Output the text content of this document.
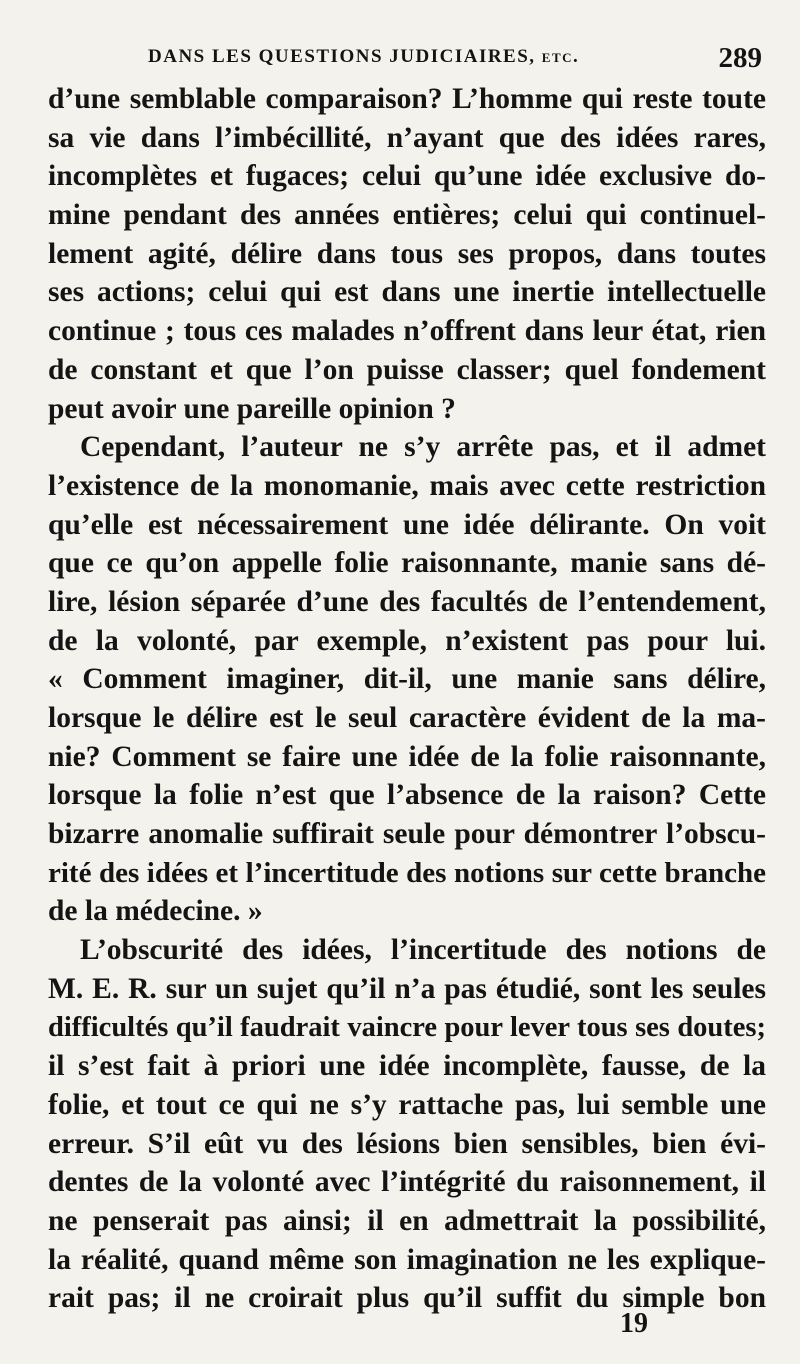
DANS LES QUESTIONS JUDICIAIRES, etc.	289
d’une semblable comparaison? L’homme qui reste toute
sa vie dans l’imbécillité, n’ayant que des idées rares,
incomplètes et fugaces; celui qu’une idée exclusive do-
mine pendant des années entières; celui qui continuel-
lement agité, délire dans tous ses propos, dans toutes
ses actions; celui qui est dans une inertie intellectuelle
continue ; tous ces malades n’offrent dans leur état, rien
de constant et que l’on puisse classer; quel fondement
peut avoir une pareille opinion ?
Cependant, l’auteur ne s’y arrête pas, et il admet
l’existence de la monomanie, mais avec cette restriction
qu’elle est nécessairement une idée délirante. On voit
que ce qu’on appelle folie raisonnante, manie sans dé-
lire, lésion séparée d’une des facultés de l’entendement,
de la volonté, par exemple, n’existent pas pour lui.
« Comment imaginer, dit-il, une manie sans délire,
lorsque le délire est le seul caractère évident de la ma-
nie? Comment se faire une idée de la folie raisonnante,
lorsque la folie n’est que l’absence de la raison? Cette
bizarre anomalie suffirait seule pour démontrer l’obscu-
rité des idées et l’incertitude des notions sur cette branche
de la médecine. »
L’obscurité des idées, l’incertitude des notions de
M. E. R. sur un sujet qu’il n’a pas étudié, sont les seules
difficultés qu’il faudrait vaincre pour lever tous ses doutes;
il s’est fait à priori une idée incomplète, fausse, de la
folie, et tout ce qui ne s’y rattache pas, lui semble une
erreur. S’il eût vu des lésions bien sensibles, bien évi-
dentes de la volonté avec l’intégrité du raisonnement, il
ne penserait pas ainsi; il en admettrait la possibilité,
la réalité, quand même son imagination ne les explique-
rait pas; il ne croirait plus qu’il suffit du simple bon
19
